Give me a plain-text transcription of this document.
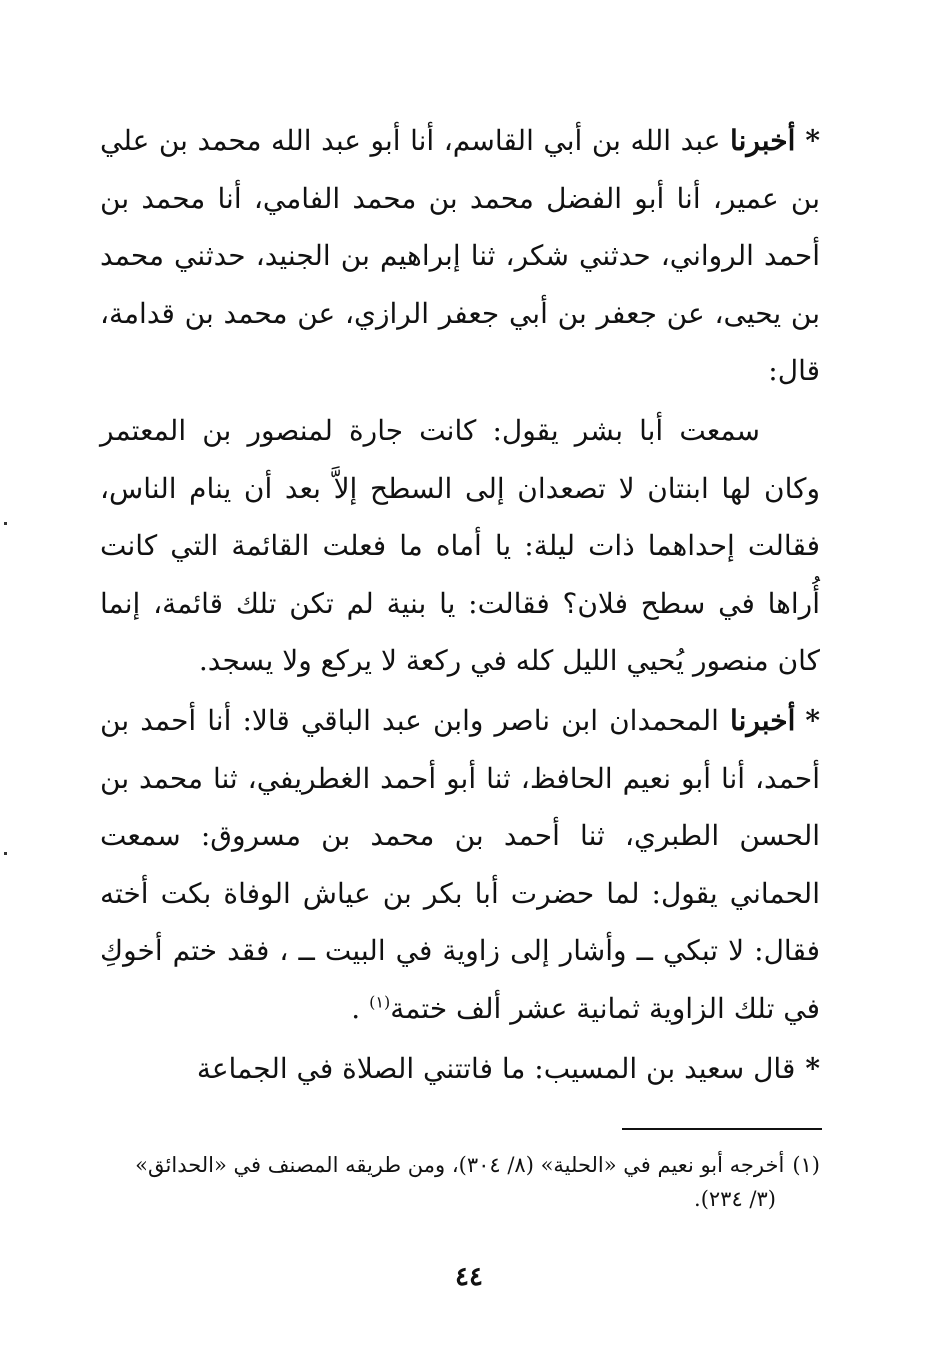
*أخبرنا عبد الله بن أبي القاسم، أنا أبو عبد الله محمد بن علي بن عمير، أنا أبو الفضل محمد بن محمد الفامي، أنا محمد بن أحمد الرواني، حدثني شكر، ثنا إبراهيم بن الجنيد، حدثني محمد بن يحيى، عن جعفر بن أبي جعفر الرازي، عن محمد بن قدامة، قال:

سمعت أبا بشر يقول: كانت جارة لمنصور بن المعتمر وكان لها ابنتان لا تصعدان إلى السطح إلاَّ بعد أن ينام الناس، فقالت إحداهما ذات ليلة: يا أماه ما فعلت القائمة التي كانت أُراها في سطح فلان؟ فقالت: يا بنية لم تكن تلك قائمة، إنما كان منصور يُحيي الليل كله في ركعة لا يركع ولا يسجد.

*أخبرنا المحمدان ابن ناصر وابن عبد الباقي قالا: أنا أحمد بن أحمد، أنا أبو نعيم الحافظ، ثنا أبو أحمد الغطريفي، ثنا محمد بن الحسن الطبري، ثنا أحمد بن محمد بن مسروق: سمعت الحماني يقول: لما حضرت أبا بكر بن عياش الوفاة بكت أخته فقال: لا تبكي ــ وأشار إلى زاوية في البيت ــ ، فقد ختم أخوكِ في تلك الزاوية ثمانية عشر ألف ختمة$^{(١)}$ .

*قال سعيد بن المسيب: ما فاتتني الصلاة في الجماعة

(١)أخرجه أبو نعيم في «الحلية» (٨/ ٣٠٤)، ومن طريقه المصنف في «الحدائق»
(٣/ ٢٣٤).
٤٤
